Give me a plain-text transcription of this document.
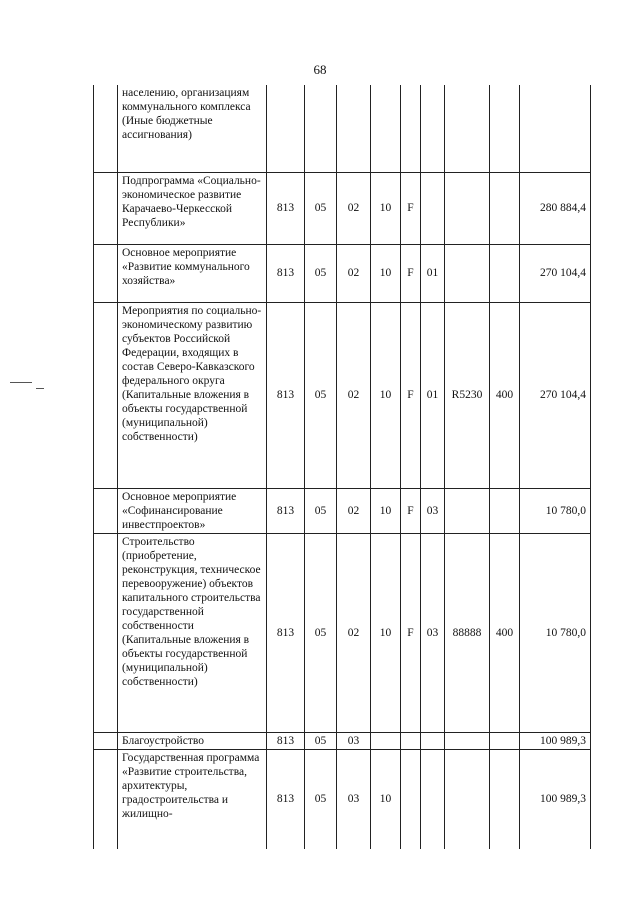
68
	населению, организациям коммунального комплекса (Иные бюджетные ассигнования)									
	Подпрограмма «Социально-экономическое развитие Карачаево-Черкесской Республики»	813	05	02	10	F				280 884,4
	Основное мероприятие «Развитие коммунального хозяйства»	813	05	02	10	F	01			270 104,4
	Мероприятия по социально-экономическому развитию субъектов Российской Федерации, входящих в состав Северо-Кавказского федерального округа (Капитальные вложения в объекты государственной (муниципальной) собственности)	813	05	02	10	F	01	R5230	400	270 104,4
	Основное мероприятие «Софинансирование инвестпроектов»	813	05	02	10	F	03			10 780,0
	Строительство (приобретение, реконструкция, техническое перевооружение) объектов капитального строительства государственной собственности (Капитальные вложения в объекты государственной (муниципальной) собственности)	813	05	02	10	F	03	88888	400	10 780,0
	Благоустройство	813	05	03						100 989,3
	Государственная программа «Развитие строительства, архитектуры, градостроительства и жилищно-	813	05	03	10					100 989,3
